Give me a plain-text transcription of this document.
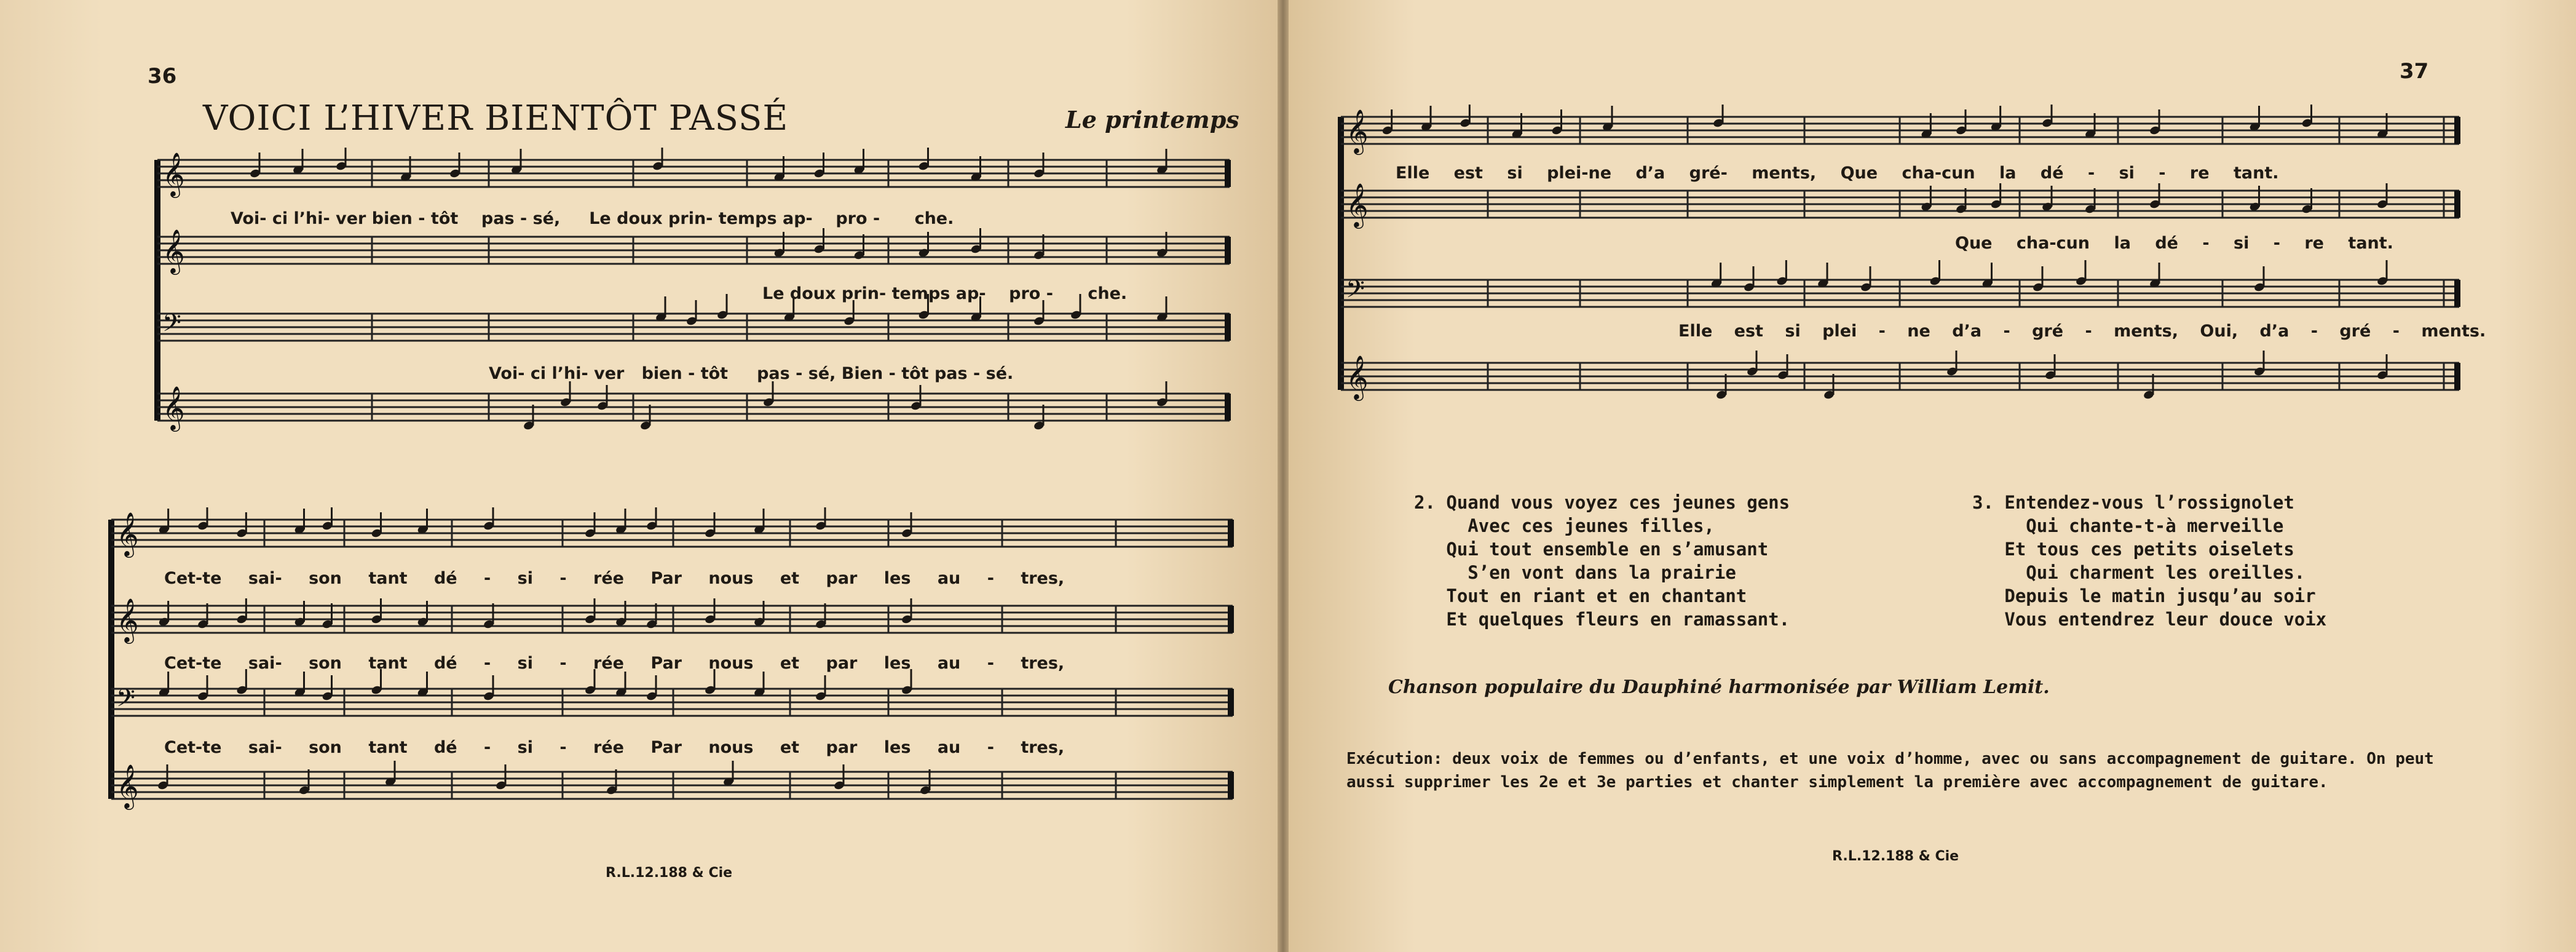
36
VOICI L’HIVER BIENTÔT PASSÉ	Le printemps
𝄞
𝄞
𝄢
𝄞
Voi- ci l’hi- ver bien - tôt pas - sé, Le doux prin- temps ap- pro - che.
Le doux prin- temps ap- pro - che.
Voi- ci l’hi- ver bien - tôt pas - sé, Bien - tôt pas - sé.
𝄞
𝄞
𝄢
𝄞
Cet-te sai- son tant dé - si - rée Par nous et par les au - tres,
Cet-te sai- son tant dé - si - rée Par nous et par les au - tres,
Cet-te sai- son tant dé - si - rée Par nous et par les au - tres,
R.L.12.188 & Cie
37
𝄞
𝄞
𝄢
𝄞
Elle est si plei-ne d’a gré- ments, Que cha-cun la dé - si - re tant.
Que cha-cun la dé - si - re tant.
Elle est si plei - ne d’a - gré - ments, Oui, d’a - gré - ments.
2. Quand vous voyez ces jeunes gens
Avec ces jeunes filles,
Qui tout ensemble en s’amusant
S’en vont dans la prairie
Tout en riant et en chantant
Et quelques fleurs en ramassant.
3. Entendez-vous l’rossignolet
Qui chante-t-à merveille
Et tous ces petits oiselets
Qui charment les oreilles.
Depuis le matin jusqu’au soir
Vous entendrez leur douce voix
Chanson populaire du Dauphiné harmonisée par William Lemit.
Exécution: deux voix de femmes ou d’enfants, et une voix d’homme, avec ou sans accompagnement de guitare. On peut aussi supprimer les 2e et 3e parties et chanter simplement la première avec accompagnement de guitare.
R.L.12.188 & Cie
